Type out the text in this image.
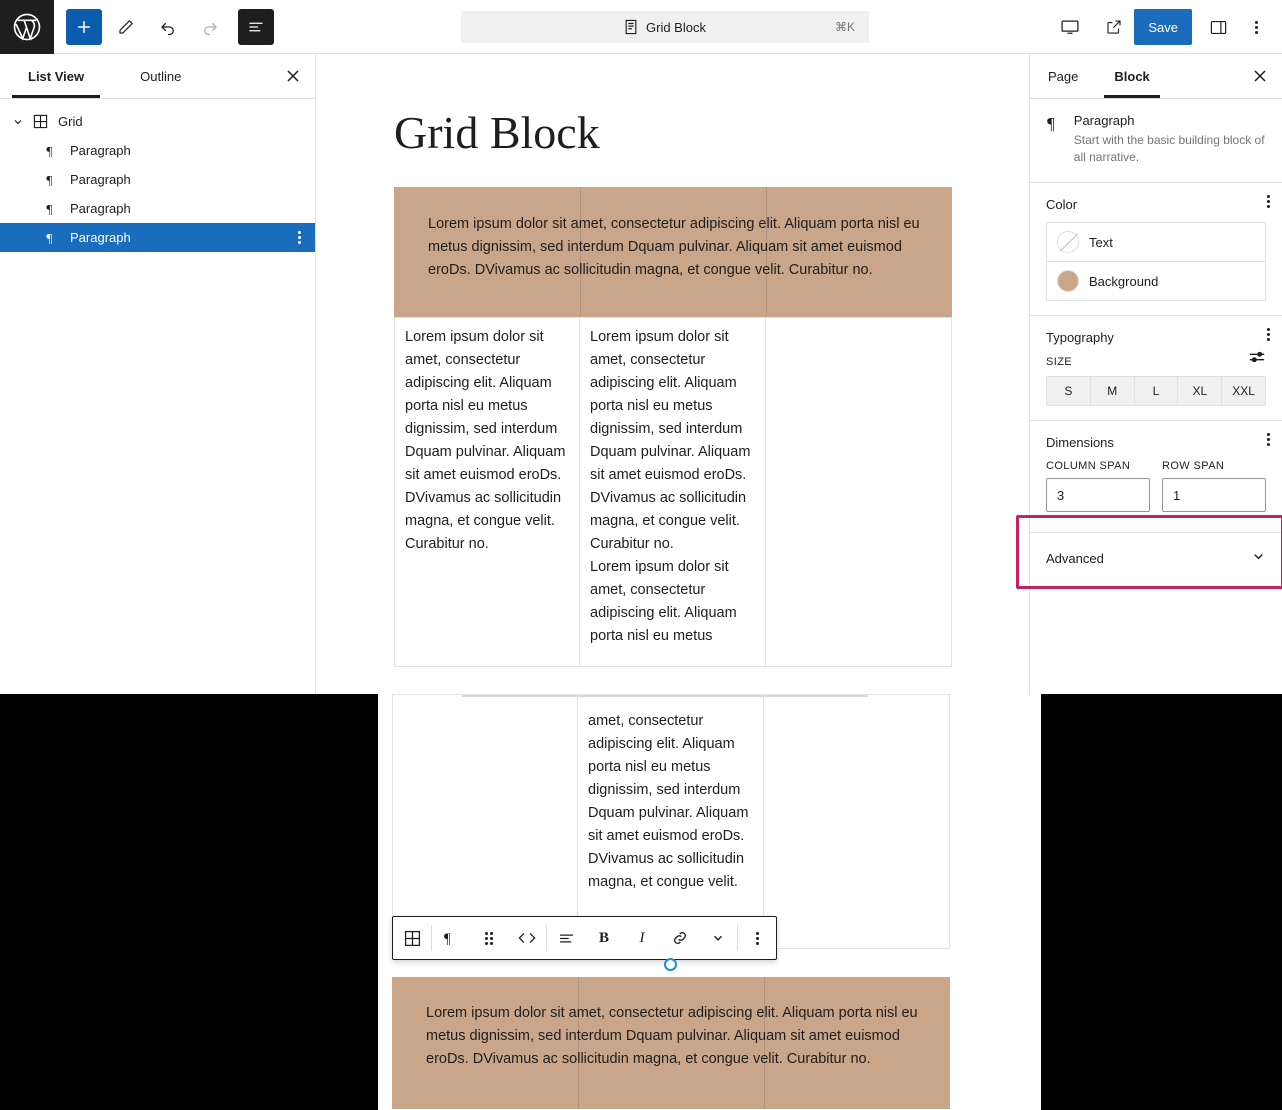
Grid Block	⌘K	Save
List View	Outline
Grid
¶ Paragraph
¶ Paragraph
¶ Paragraph
¶ Paragraph
Grid Block

Lorem ipsum dolor sit amet, consectetur adipiscing elit. Aliquam porta nisl eu metus dignissim, sed interdum Dquam pulvinar. Aliquam sit amet euismod eroDs. DVivamus ac sollicitudin magna, et congue velit. Curabitur no.

Lorem ipsum dolor sit amet, consectetur adipiscing elit. Aliquam porta nisl eu metus dignissim, sed interdum Dquam pulvinar. Aliquam sit amet euismod eroDs. DVivamus ac sollicitudin magna, et congue velit. Curabitur no.

Lorem ipsum dolor sit amet, consectetur adipiscing elit. Aliquam porta nisl eu metus dignissim, sed interdum Dquam pulvinar. Aliquam sit amet euismod eroDs. DVivamus ac sollicitudin magna, et congue velit. Curabitur no.

Lorem ipsum dolor sit amet, consectetur adipiscing elit. Aliquam porta nisl eu metus

amet, consectetur adipiscing elit. Aliquam porta nisl eu metus dignissim, sed interdum Dquam pulvinar. Aliquam sit amet euismod eroDs. DVivamus ac sollicitudin magna, et congue velit.

¶	B	I

Lorem ipsum dolor sit amet, consectetur adipiscing elit. Aliquam porta nisl eu metus dignissim, sed interdum Dquam pulvinar. Aliquam sit amet euismod eroDs. DVivamus ac sollicitudin magna, et congue velit. Curabitur no.

Page	Block
¶ Paragraph
Start with the basic building block of all narrative.
Color
Text
Background
Typography
SIZE
S	M	L	XL	XXL
Dimensions
COLUMN SPAN
3	ROW SPAN
1
Advanced
